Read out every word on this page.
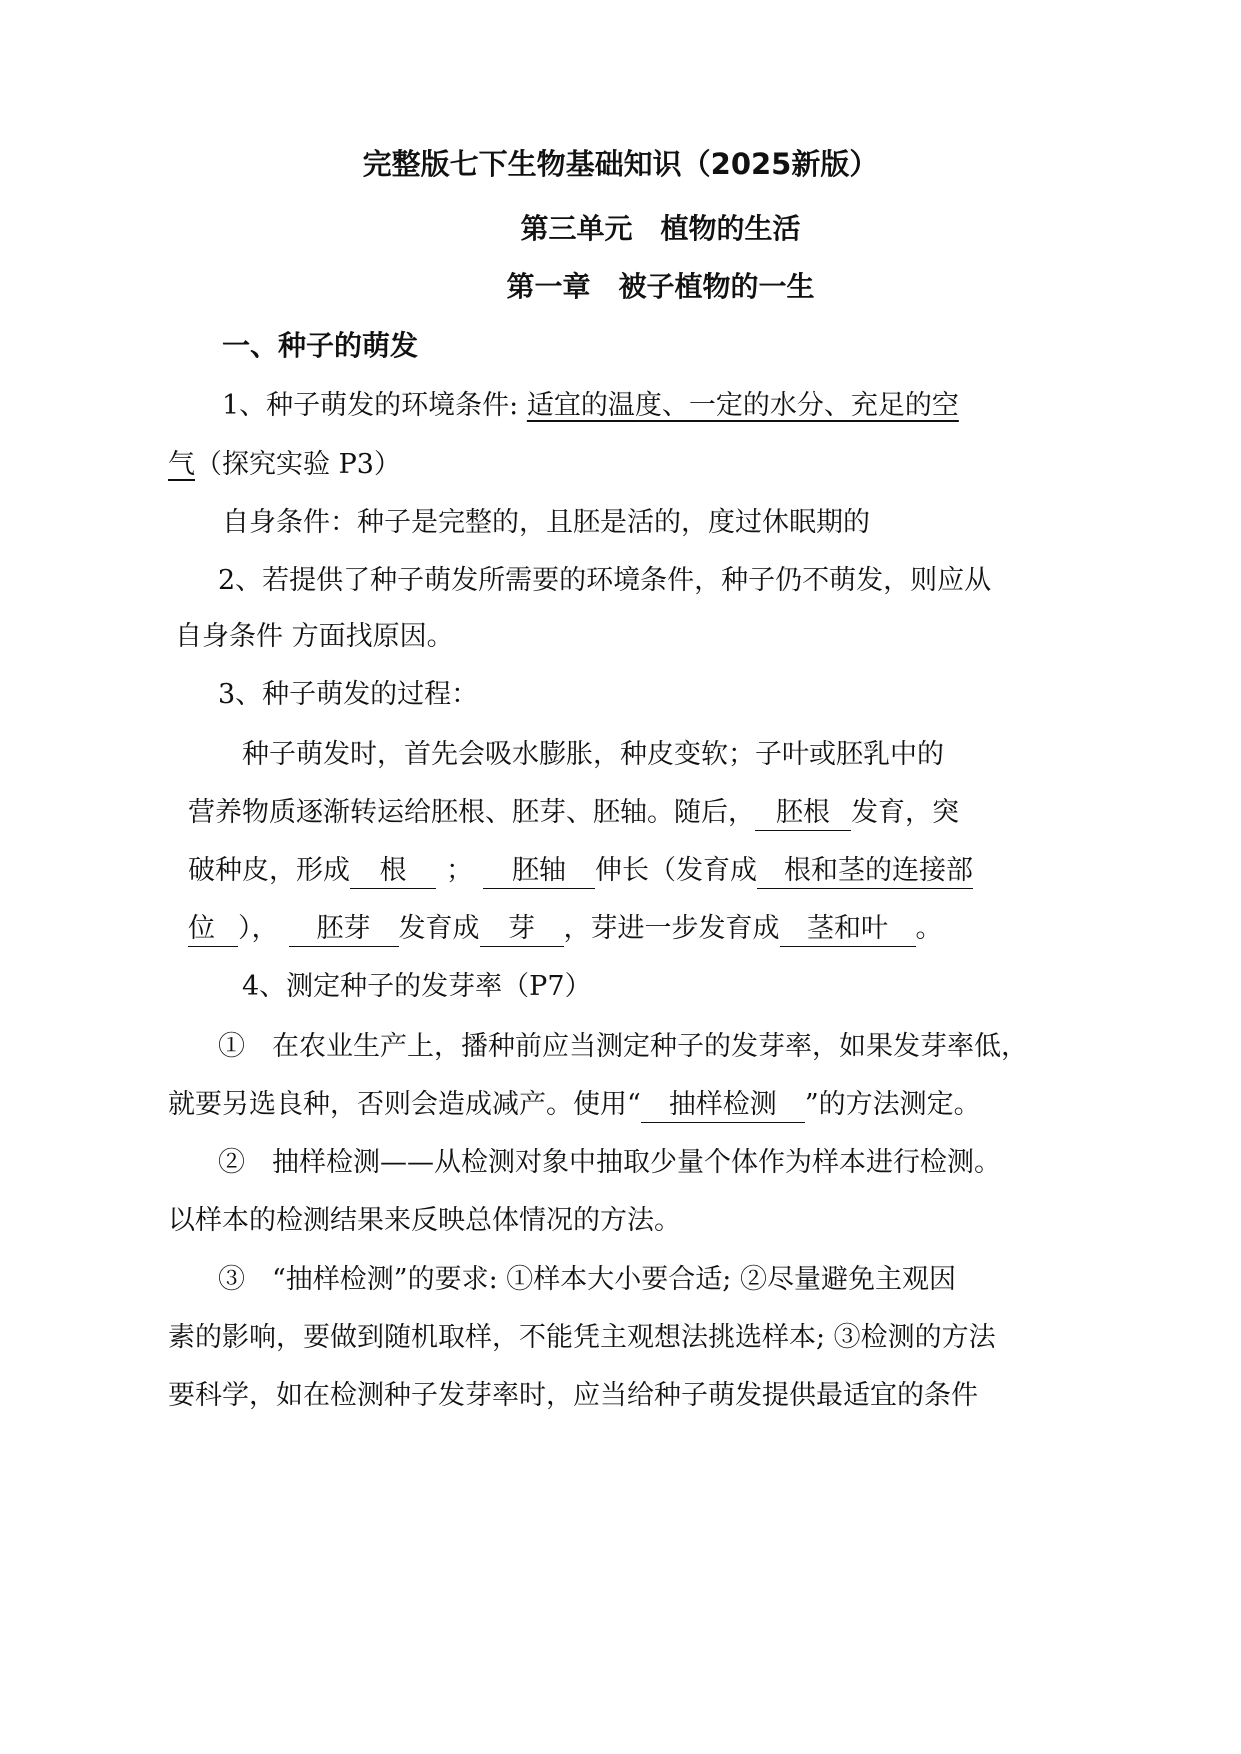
完整版七下生物基础知识（2025新版）
第三单元　植物的生活
第一章　被子植物的一生
一、种子的萌发
1、种子萌发的环境条件: 适宜的温度、一定的水分、充足的空
气（探究实验 P3）
自身条件：种子是完整的，且胚是活的，度过休眠期的
2、若提供了种子萌发所需要的环境条件，种子仍不萌发，则应从
自身条件 方面找原因。
3、种子萌发的过程：
种子萌发时，首先会吸水膨胀，种皮变软；子叶或胚乳中的
营养物质逐渐转运给胚根、胚芽、胚轴。随后， 胚根 发育，突
破种皮，形成 根 ； 胚轴 伸长（发育成 根和茎的连接部
位 ）， 胚芽 发育成 芽 ，芽进一步发育成 茎和叶 。
4、测定种子的发芽率（P7）
①　在农业生产上，播种前应当测定种子的发芽率，如果发芽率低，
就要另选良种，否则会造成减产。使用“ 抽样检测 ”的方法测定。
②　抽样检测——从检测对象中抽取少量个体作为样本进行检测。
以样本的检测结果来反映总体情况的方法。
③　“抽样检测”的要求: ①样本大小要合适; ②尽量避免主观因
素的影响，要做到随机取样，不能凭主观想法挑选样本; ③检测的方法
要科学，如在检测种子发芽率时，应当给种子萌发提供最适宜的条件
